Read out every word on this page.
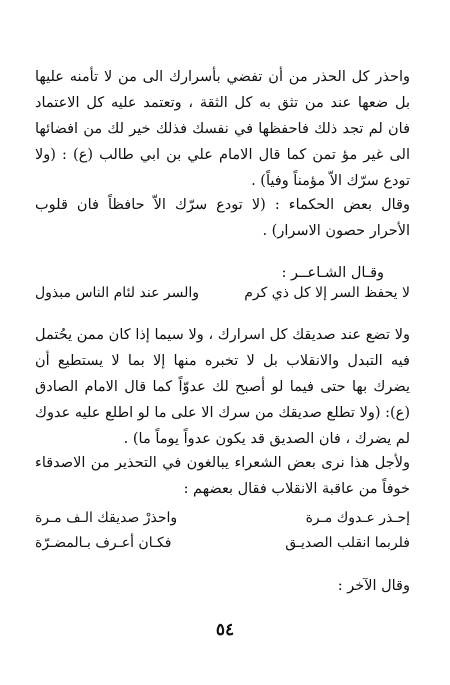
واحذر كل الحذر من أن تفضي بأسرارك الى من لا تأمنه عليها بل ضعها عند من تثق به كل الثقة ، وتعتمد عليه كل الاعتماد فان لم تجد ذلك فاحفظها في نفسك فذلك خير لك من افضائها الى غير مؤ تمن كما قال الامام علي بن ابي طالب (ع) : (ولا تودع سرّك الاّ مؤمناً وفياً) .

وقال بعض الحكماء : (لا تودع سرّك الاّ حافظاً فان قلوب الأحرار حصون الاسرار) .

وقـال الشـاعــر :

لا يحفظ السر إلا كل ذي كرم
والسر عند لئام الناس مبذول

ولا تضع عند صديقك كل اسرارك ، ولا سيما إذا كان ممن يحُتمل فيه التبدل والانقلاب بل لا تخبره منها إلا بما لا يستطيع أن يضرك بها حتى فيما لو أصبح لك عدوّاً كما قال الامام الصادق (ع): (ولا تطلع صديقك من سرك الا على ما لو اطلع عليه عدوك لم يضرك ، فان الصديق قد يكون عدواً يوماً ما) .

ولأجل هذا نرى بعض الشعراء يبالغون في التحذير من الاصدقاء خوفاً من عاقبة الانقلاب فقال بعضهم :

إحـذر عـدوك مـرة
واحذرْ صديقك الـف مـرة
فلربما انقلب الصديـق
فكـان أعـرف بـالمضـرّة

وقال الآخر :

٥٤
